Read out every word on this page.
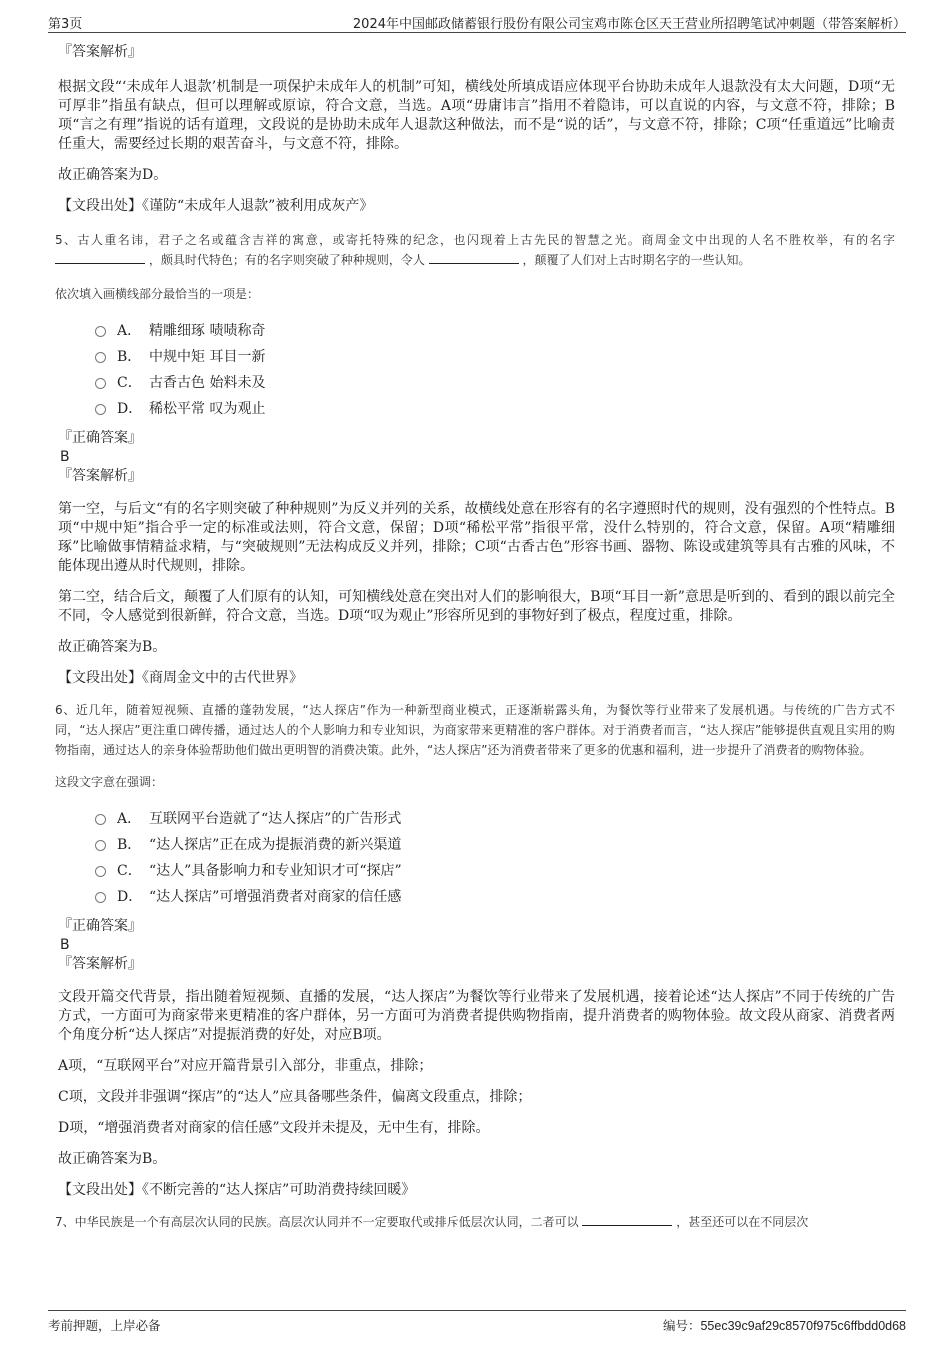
第3页	2024年中国邮政储蓄银行股份有限公司宝鸡市陈仓区天王营业所招聘笔试冲刺题（带答案解析）
『答案解析』

根据文段“‘未成年人退款’机制是一项保护未成年人的机制”可知，横线处所填成语应体现平台协助未成年人退款没有太大问题，D项“无可厚非”指虽有缺点，但可以理解或原谅，符合文意，当选。A项“毋庸讳言”指用不着隐讳，可以直说的内容，与文意不符，排除；B项“言之有理”指说的话有道理，文段说的是协助未成年人退款这种做法，而不是“说的话”，与文意不符，排除；C项“任重道远”比喻责任重大，需要经过长期的艰苦奋斗，与文意不符，排除。

故正确答案为D。

【文段出处】《谨防“未成年人退款”被利用成灰产》

5、古人重名讳，君子之名或蕴含吉祥的寓意，或寄托特殊的纪念，也闪现着上古先民的智慧之光。商周金文中出现的人名不胜枚举，有的名字  ，颇具时代特色；有的名字则突破了种种规则，令人	，颠覆了人们对上古时期名字的一些认知。

依次填入画横线部分最恰当的一项是：

A． 精雕细琢 啧啧称奇
B． 中规中矩 耳目一新
C． 古香古色 始料未及
D． 稀松平常 叹为观止
『正确答案』
B
『答案解析』

第一空，与后文“有的名字则突破了种种规则”为反义并列的关系，故横线处意在形容有的名字遵照时代的规则，没有强烈的个性特点。B项“中规中矩”指合乎一定的标准或法则，符合文意，保留；D项“稀松平常”指很平常，没什么特别的，符合文意，保留。A项“精雕细琢”比喻做事情精益求精，与“突破规则”无法构成反义并列，排除；C项“古香古色”形容书画、器物、陈设或建筑等具有古雅的风味，不能体现出遵从时代规则，排除。

第二空，结合后文，颠覆了人们原有的认知，可知横线处意在突出对人们的影响很大，B项“耳目一新”意思是听到的、看到的跟以前完全不同，令人感觉到很新鲜，符合文意，当选。D项“叹为观止”形容所见到的事物好到了极点，程度过重，排除。

故正确答案为B。

【文段出处】《商周金文中的古代世界》

6、近几年，随着短视频、直播的蓬勃发展，“达人探店”作为一种新型商业模式，正逐渐崭露头角，为餐饮等行业带来了发展机遇。与传统的广告方式不同，“达人探店”更注重口碑传播，通过达人的个人影响力和专业知识，为商家带来更精准的客户群体。对于消费者而言，“达人探店”能够提供直观且实用的购物指南，通过达人的亲身体验帮助他们做出更明智的消费决策。此外，“达人探店”还为消费者带来了更多的优惠和福利，进一步提升了消费者的购物体验。

这段文字意在强调：

A． 互联网平台造就了“达人探店”的广告形式
B． “达人探店”正在成为提振消费的新兴渠道
C． “达人”具备影响力和专业知识才可“探店”
D． “达人探店”可增强消费者对商家的信任感
『正确答案』
B
『答案解析』

文段开篇交代背景，指出随着短视频、直播的发展，“达人探店”为餐饮等行业带来了发展机遇，接着论述“达人探店”不同于传统的广告方式，一方面可为商家带来更精准的客户群体，另一方面可为消费者提供购物指南，提升消费者的购物体验。故文段从商家、消费者两个角度分析“达人探店”对提振消费的好处，对应B项。

A项，“互联网平台”对应开篇背景引入部分，非重点，排除；

C项，文段并非强调“探店”的“达人”应具备哪些条件，偏离文段重点，排除；

D项，“增强消费者对商家的信任感”文段并未提及，无中生有，排除。

故正确答案为B。

【文段出处】《不断完善的“达人探店”可助消费持续回暖》

7、中华民族是一个有高层次认同的民族。高层次认同并不一定要取代或排斥低层次认同，二者可以	，甚至还可以在不同层次

考前押题，上岸必备	编号：55ec39c9af29c8570f975c6ffbdd0d68
